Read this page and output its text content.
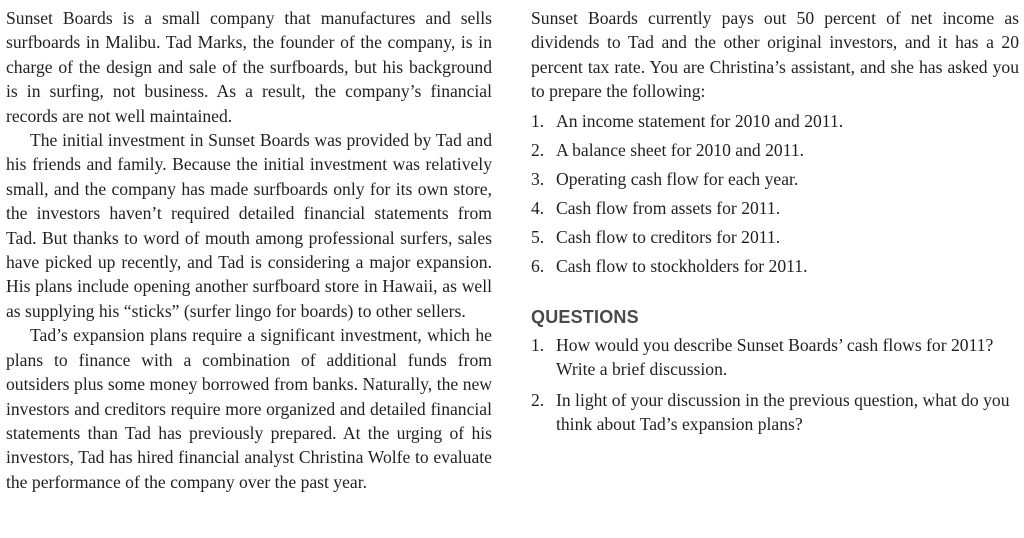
Sunset Boards is a small company that manufactures and sells surfboards in Malibu. Tad Marks, the founder of the company, is in charge of the design and sale of the surfboards, but his background is in surfing, not business. As a result, the company’s financial records are not well maintained.

The initial investment in Sunset Boards was provided by Tad and his friends and family. Because the initial investment was relatively small, and the company has made surfboards only for its own store, the investors haven’t required detailed financial statements from Tad. But thanks to word of mouth among professional surfers, sales have picked up recently, and Tad is considering a major expansion. His plans include opening another surfboard store in Hawaii, as well as supplying his “sticks” (surfer lingo for boards) to other sellers.

Tad’s expansion plans require a significant investment, which he plans to finance with a combination of additional funds from outsiders plus some money borrowed from banks. Naturally, the new investors and creditors require more organized and detailed financial statements than Tad has previously prepared. At the urging of his investors, Tad has hired financial analyst Christina Wolfe to evaluate the performance of the company over the past year.

Sunset Boards currently pays out 50 percent of net income as dividends to Tad and the other original investors, and it has a 20 percent tax rate. You are Christina’s assistant, and she has asked you to prepare the following:

1. An income statement for 2010 and 2011.
2. A balance sheet for 2010 and 2011.
3. Operating cash flow for each year.
4. Cash flow from assets for 2011.
5. Cash flow to creditors for 2011.
6. Cash flow to stockholders for 2011.
QUESTIONS
1. How would you describe Sunset Boards’ cash flows for 2011? Write a brief discussion.
2. In light of your discussion in the previous question, what do you think about Tad’s expansion plans?
